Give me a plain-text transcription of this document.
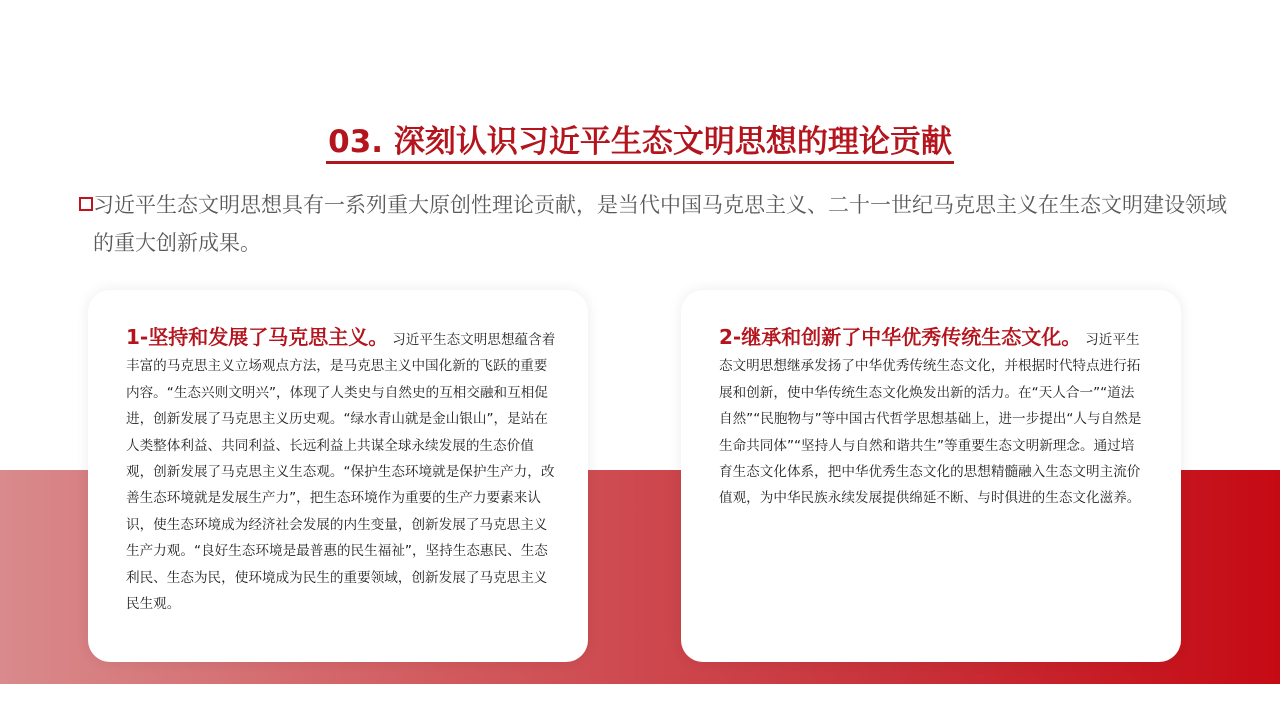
03. 深刻认识习近平生态文明思想的理论贡献
习近平生态文明思想具有一系列重大原创性理论贡献，是当代中国马克思主义、二十一世纪马克思主义在生态文明建设领域的重大创新成果。
1-坚持和发展了马克思主义。 习近平生态文明思想蕴含着丰富的马克思主义立场观点方法，是马克思主义中国化新的飞跃的重要内容。“生态兴则文明兴”，体现了人类史与自然史的互相交融和互相促进，创新发展了马克思主义历史观。“绿水青山就是金山银山”，是站在人类整体利益、共同利益、长远利益上共谋全球永续发展的生态价值观，创新发展了马克思主义生态观。“保护生态环境就是保护生产力，改善生态环境就是发展生产力”，把生态环境作为重要的生产力要素来认识，使生态环境成为经济社会发展的内生变量，创新发展了马克思主义生产力观。“良好生态环境是最普惠的民生福祉”，坚持生态惠民、生态利民、生态为民，使环境成为民生的重要领域，创新发展了马克思主义民生观。
2-继承和创新了中华优秀传统生态文化。 习近平生态文明思想继承发扬了中华优秀传统生态文化，并根据时代特点进行拓展和创新，使中华传统生态文化焕发出新的活力。在“天人合一”“道法自然”“民胞物与”等中国古代哲学思想基础上，进一步提出“人与自然是生命共同体”“坚持人与自然和谐共生”等重要生态文明新理念。通过培育生态文化体系，把中华优秀生态文化的思想精髓融入生态文明主流价值观，为中华民族永续发展提供绵延不断、与时俱进的生态文化滋养。
